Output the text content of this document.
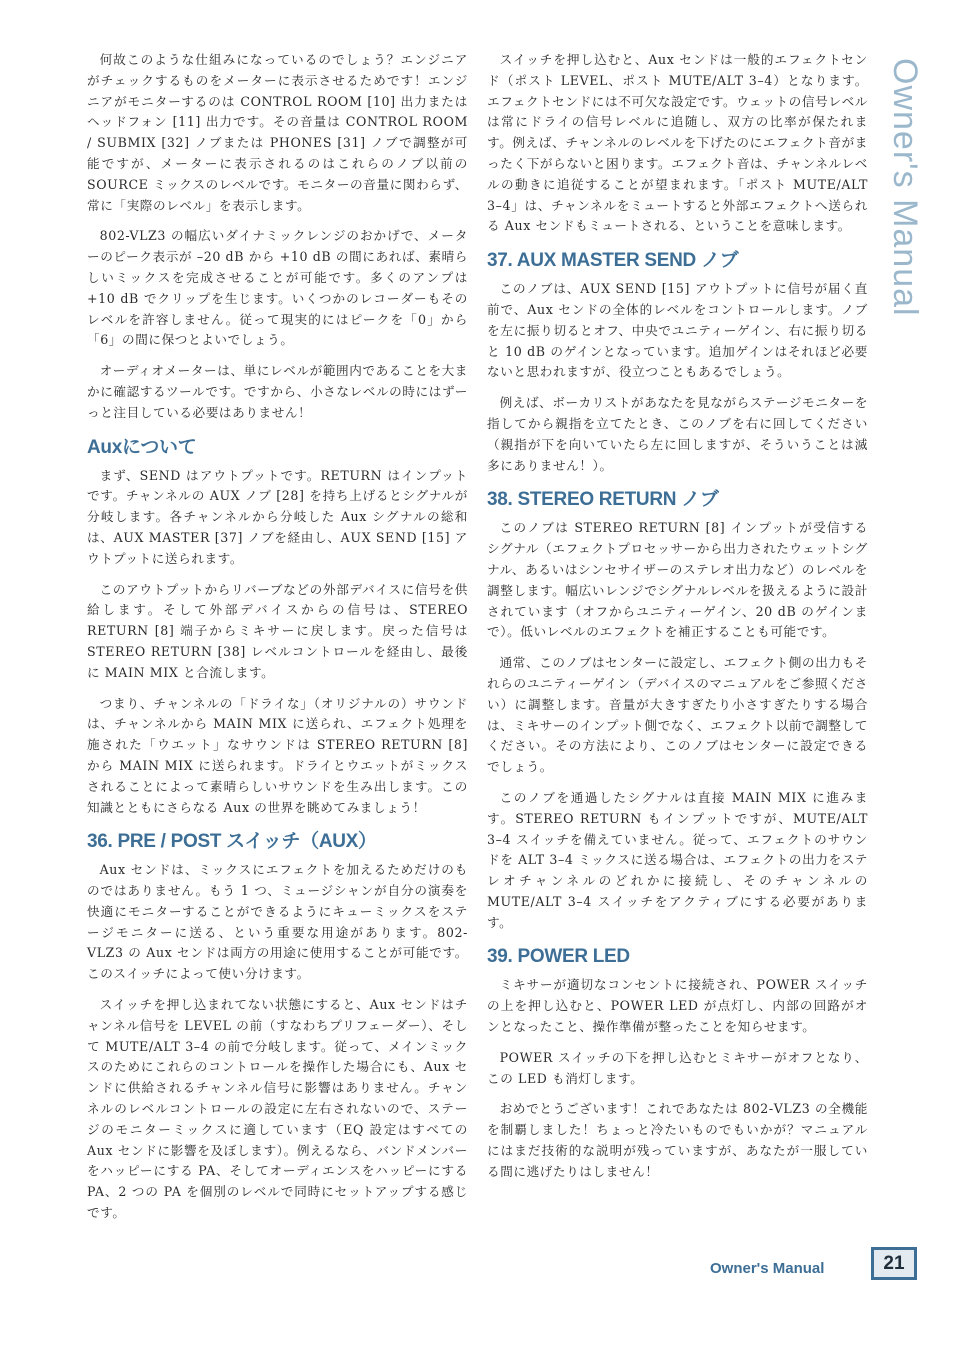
Owner's Manual

何故このような仕組みになっているのでしょう？エンジニアがチェックするものをメーターに表示させるためです！エンジニアがモニターするのは CONTROL ROOM [10] 出力またはヘッドフォン [11] 出力です。その音量は CONTROL ROOM / SUBMIX [32] ノブまたは PHONES [31] ノブで調整が可能ですが、メーターに表示されるのはこれらのノブ以前の SOURCE ミックスのレベルです。モニターの音量に関わらず、常に「実際のレベル」を表示します。

802-VLZ3 の幅広いダイナミックレンジのおかげで、メーターのピーク表示が –20 dB から +10 dB の間にあれば、素晴らしいミックスを完成させることが可能です。多くのアンプは +10 dB でクリップを生じます。いくつかのレコーダーもそのレベルを許容しません。従って現実的にはピークを「0」から「6」の間に保つとよいでしょう。

オーディオメーターは、単にレベルが範囲内であることを大まかに確認するツールです。ですから、小さなレベルの時にはずーっと注目している必要はありません！

Auxについて

まず、SEND はアウトプットです。RETURN はインプットです。チャンネルの AUX ノブ [28] を持ち上げるとシグナルが分岐します。各チャンネルから分岐した Aux シグナルの総和は、AUX MASTER [37] ノブを経由し、AUX SEND [15] アウトプットに送られます。

このアウトプットからリバーブなどの外部デバイスに信号を供給します。そして外部デバイスからの信号は、STEREO RETURN [8] 端子からミキサーに戻します。戻った信号は STEREO RETURN [38] レベルコントロールを経由し、最後に MAIN MIX と合流します。

つまり、チャンネルの「ドライな」（オリジナルの）サウンドは、チャンネルから MAIN MIX に送られ、エフェクト処理を施された「ウエット」なサウンドは STEREO RETURN [8] から MAIN MIX に送られます。ドライとウエットがミックスされることによって素晴らしいサウンドを生み出します。この知識とともにさらなる Aux の世界を眺めてみましょう！

36. PRE / POST スイッチ（AUX）

Aux センドは、ミックスにエフェクトを加えるためだけのものではありません。もう 1 つ、ミュージシャンが自分の演奏を快適にモニターすることができるようにキューミックスをステージモニターに送る、という重要な用途があります。802-VLZ3 の Aux センドは両方の用途に使用することが可能です。このスイッチによって使い分けます。

スイッチを押し込まれてない状態にすると、Aux センドはチャンネル信号を LEVEL の前（すなわちプリフェーダー）、そして MUTE/ALT 3–4 の前で分岐します。従って、メインミックスのためにこれらのコントロールを操作した場合にも、Aux センドに供給されるチャンネル信号に影響はありません。チャンネルのレベルコントロールの設定に左右されないので、ステージのモニターミックスに適しています（EQ 設定はすべての Aux センドに影響を及ぼします）。例えるなら、バンドメンバーをハッピーにする PA、そしてオーディエンスをハッピーにする PA、2 つの PA を個別のレベルで同時にセットアップする感じです。

スイッチを押し込むと、Aux センドは一般的エフェクトセンド（ポスト LEVEL、ポスト MUTE/ALT 3–4）となります。エフェクトセンドには不可欠な設定です。ウェットの信号レベルは常にドライの信号レベルに追随し、双方の比率が保たれます。例えば、チャンネルのレベルを下げたのにエフェクト音がまったく下がらないと困ります。エフェクト音は、チャンネルレベルの動きに追従することが望まれます。「ポスト MUTE/ALT 3–4」は、チャンネルをミュートすると外部エフェクトへ送られる Aux センドもミュートされる、ということを意味します。

37. AUX MASTER SEND ノブ

このノブは、AUX SEND [15] アウトプットに信号が届く直前で、Aux センドの全体的レベルをコントロールします。ノブを左に振り切るとオフ、中央でユニティーゲイン、右に振り切ると 10 dB のゲインとなっています。追加ゲインはそれほど必要ないと思われますが、役立つこともあるでしょう。

例えば、ボーカリストがあなたを見ながらステージモニターを指してから親指を立てたとき、このノブを右に回してください（親指が下を向いていたら左に回しますが、そういうことは滅多にありません！）。

38. STEREO RETURN ノブ

このノブは STEREO RETURN [8] インプットが受信するシグナル（エフェクトプロセッサーから出力されたウェットシグナル、あるいはシンセサイザーのステレオ出力など）のレベルを調整します。幅広いレンジでシグナルレベルを扱えるように設計されています（オフからユニティーゲイン、20 dB のゲインまで）。低いレベルのエフェクトを補正することも可能です。

通常、このノブはセンターに設定し、エフェクト側の出力もそれらのユニティーゲイン（デバイスのマニュアルをご参照ください）に調整します。音量が大きすぎたり小さすぎたりする場合は、ミキサーのインプット側でなく、エフェクト以前で調整してください。その方法により、このノブはセンターに設定できるでしょう。

このノブを通過したシグナルは直接 MAIN MIX に進みます。STEREO RETURN もインプットですが、MUTE/ALT 3–4 スイッチを備えていません。従って、エフェクトのサウンドを ALT 3–4 ミックスに送る場合は、エフェクトの出力をステレオチャンネルのどれかに接続し、そのチャンネルの MUTE/ALT 3–4 スイッチをアクティブにする必要があります。

39. POWER LED

ミキサーが適切なコンセントに接続され、POWER スイッチの上を押し込むと、POWER LED が点灯し、内部の回路がオンとなったこと、操作準備が整ったことを知らせます。

POWER スイッチの下を押し込むとミキサーがオフとなり、この LED も消灯します。

おめでとうございます！これであなたは 802-VLZ3 の全機能を制覇しました！ちょっと冷たいものでもいかが？マニュアルにはまだ技術的な説明が残っていますが、あなたが一服している間に逃げたりはしません！

Owner's Manual	21
